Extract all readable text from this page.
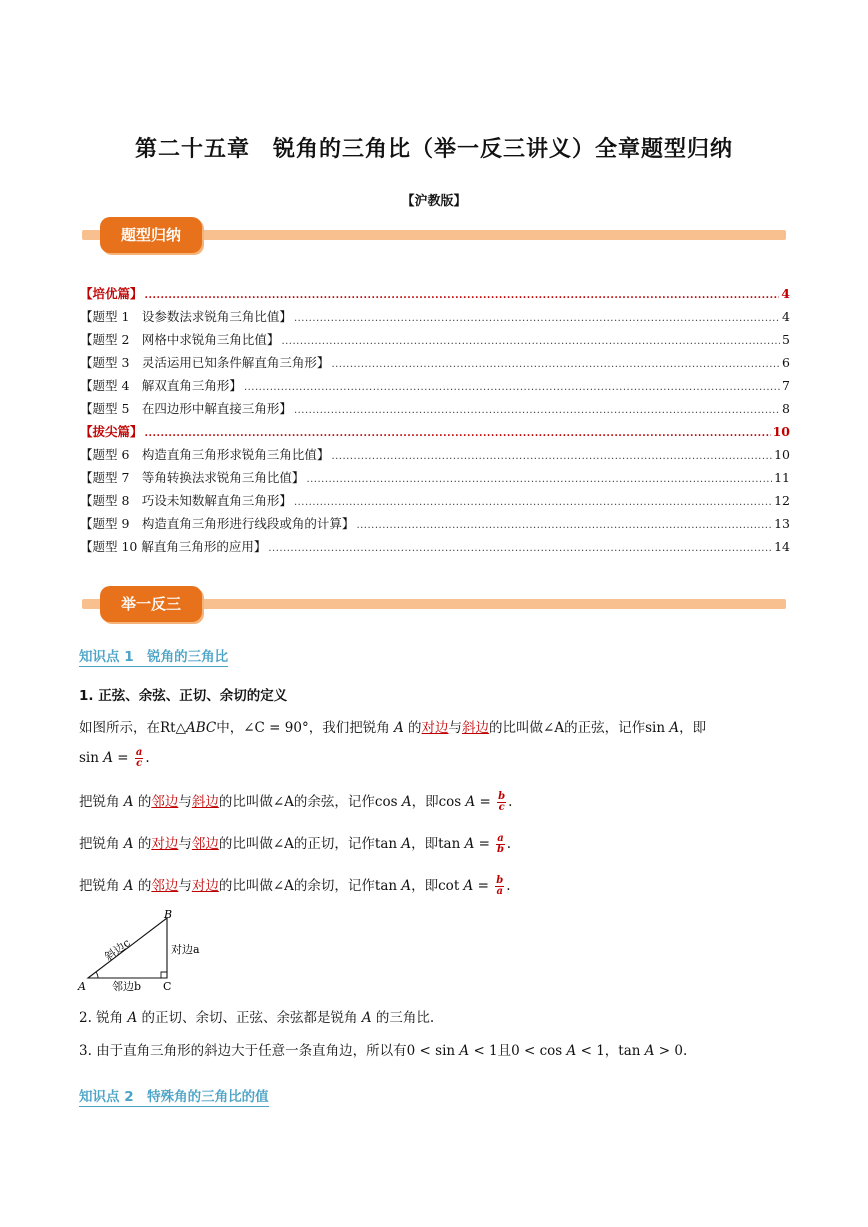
第二十五章　锐角的三角比（举一反三讲义）全章题型归纳
【沪教版】
题型归纳
【培优篇】 .....	4
【题型 1　设参数法求锐角三角比值】 .....	4
【题型 2　网格中求锐角三角比值】 .....	5
【题型 3　灵活运用已知条件解直角三角形】 .....	6
【题型 4　解双直角三角形】 .....	7
【题型 5　在四边形中解直接三角形】 .....	8
【拔尖篇】 .....	10
【题型 6　构造直角三角形求锐角三角比值】 .....	10
【题型 7　等角转换法求锐角三角比值】 .....	11
【题型 8　巧设未知数解直角三角形】 .....	12
【题型 9　构造直角三角形进行线段或角的计算】 .....	13
【题型 10 解直角三角形的应用】 .....	14
举一反三
知识点 1　锐角的三角比
1. 正弦、余弦、正切、余切的定义
如图所示，在Rt△ABC中，∠C = 90°，我们把锐角 A 的对边与斜边的比叫做∠A的正弦，记作sin A，即
$\sin A = \frac{a}{c}$ .
把锐角 A 的邻边与斜边的比叫做∠A的余弦，记作cos A，即$\cos A = \frac{b}{c}$ .
把锐角 A 的对边与邻边的比叫做∠A的正切，记作tan A，即$\tan A = \frac{a}{b}$ .
把锐角 A 的邻边与对边的比叫做∠A的余切，记作tan A，即$\cot A = \frac{b}{a}$ .
A	C
B
斜边c	对边a
邻边b
2. 锐角 A 的正切、余切、正弦、余弦都是锐角 A 的三角比.
3. 由于直角三角形的斜边大于任意一条直角边，所以有0 < sin A < 1且0 < cos A < 1，tan A > 0.
知识点 2　特殊角的三角比的值
